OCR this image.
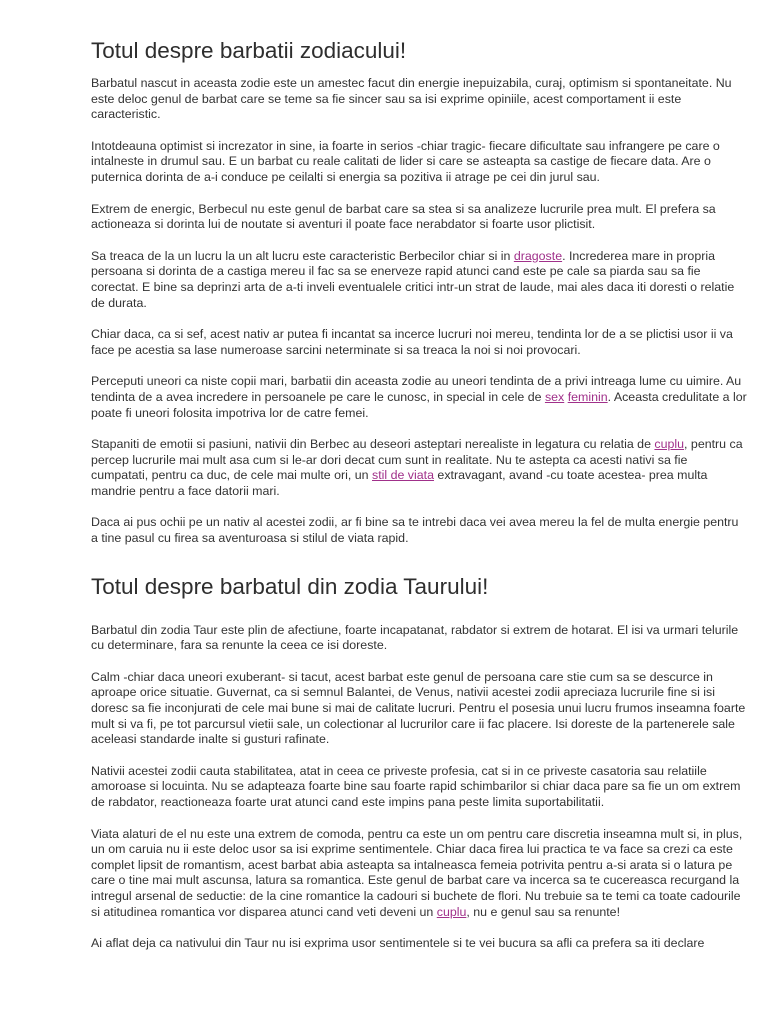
Totul despre barbatii zodiacului!

Barbatul nascut in aceasta zodie este un amestec facut din energie inepuizabila, curaj, optimism si spontaneitate. Nu este deloc genul de barbat care se teme sa fie sincer sau sa isi exprime opiniile, acest comportament ii este caracteristic.

Intotdeauna optimist si increzator in sine, ia foarte in serios -chiar tragic- fiecare dificultate sau infrangere pe care o intalneste in drumul sau. E un barbat cu reale calitati de lider si care se asteapta sa castige de fiecare data. Are o puternica dorinta de a-i conduce pe ceilalti si energia sa pozitiva ii atrage pe cei din jurul sau.

Extrem de energic, Berbecul nu este genul de barbat care sa stea si sa analizeze lucrurile prea mult. El prefera sa actioneaza si dorinta lui de noutate si aventuri il poate face nerabdator si foarte usor plictisit.

Sa treaca de la un lucru la un alt lucru este caracteristic Berbecilor chiar si in dragoste. Increderea mare in propria persoana si dorinta de a castiga mereu il fac sa se enerveze rapid atunci cand este pe cale sa piarda sau sa fie corectat. E bine sa deprinzi arta de a-ti inveli eventualele critici intr-un strat de laude, mai ales daca iti doresti o relatie de durata.

Chiar daca, ca si sef, acest nativ ar putea fi incantat sa incerce lucruri noi mereu, tendinta lor de a se plictisi usor ii va face pe acestia sa lase numeroase sarcini neterminate si sa treaca la noi si noi provocari.

Perceputi uneori ca niste copii mari, barbatii din aceasta zodie au uneori tendinta de a privi intreaga lume cu uimire. Au tendinta de a avea incredere in persoanele pe care le cunosc, in special in cele de sex feminin. Aceasta credulitate a lor poate fi uneori folosita impotriva lor de catre femei.

Stapaniti de emotii si pasiuni, nativii din Berbec au deseori asteptari nerealiste in legatura cu relatia de cuplu, pentru ca percep lucrurile mai mult asa cum si le-ar dori decat cum sunt in realitate. Nu te astepta ca acesti nativi sa fie cumpatati, pentru ca duc, de cele mai multe ori, un stil de viata extravagant, avand -cu toate acestea- prea multa mandrie pentru a face datorii mari.

Daca ai pus ochii pe un nativ al acestei zodii, ar fi bine sa te intrebi daca vei avea mereu la fel de multa energie pentru a tine pasul cu firea sa aventuroasa si stilul de viata rapid.

Totul despre barbatul din zodia Taurului!

Barbatul din zodia Taur este plin de afectiune, foarte incapatanat, rabdator si extrem de hotarat. El isi va urmari telurile cu determinare, fara sa renunte la ceea ce isi doreste.

Calm -chiar daca uneori exuberant- si tacut, acest barbat este genul de persoana care stie cum sa se descurce in aproape orice situatie. Guvernat, ca si semnul Balantei, de Venus, nativii acestei zodii apreciaza lucrurile fine si isi doresc sa fie inconjurati de cele mai bune si mai de calitate lucruri. Pentru el posesia unui lucru frumos inseamna foarte mult si va fi, pe tot parcursul vietii sale, un colectionar al lucrurilor care ii fac placere. Isi doreste de la partenerele sale aceleasi standarde inalte si gusturi rafinate.

Nativii acestei zodii cauta stabilitatea, atat in ceea ce priveste profesia, cat si in ce priveste casatoria sau relatiile amoroase si locuinta. Nu se adapteaza foarte bine sau foarte rapid schimbarilor si chiar daca pare sa fie un om extrem de rabdator, reactioneaza foarte urat atunci cand este impins pana peste limita suportabilitatii.

Viata alaturi de el nu este una extrem de comoda, pentru ca este un om pentru care discretia inseamna mult si, in plus, un om caruia nu ii este deloc usor sa isi exprime sentimentele. Chiar daca firea lui practica te va face sa crezi ca este complet lipsit de romantism, acest barbat abia asteapta sa intalneasca femeia potrivita pentru a-si arata si o latura pe care o tine mai mult ascunsa, latura sa romantica. Este genul de barbat care va incerca sa te cucereasca recurgand la intregul arsenal de seductie: de la cine romantice la cadouri si buchete de flori. Nu trebuie sa te temi ca toate cadourile si atitudinea romantica vor disparea atunci cand veti deveni un cuplu, nu e genul sau sa renunte!

Ai aflat deja ca nativului din Taur nu isi exprima usor sentimentele si te vei bucura sa afli ca prefera sa iti declare
